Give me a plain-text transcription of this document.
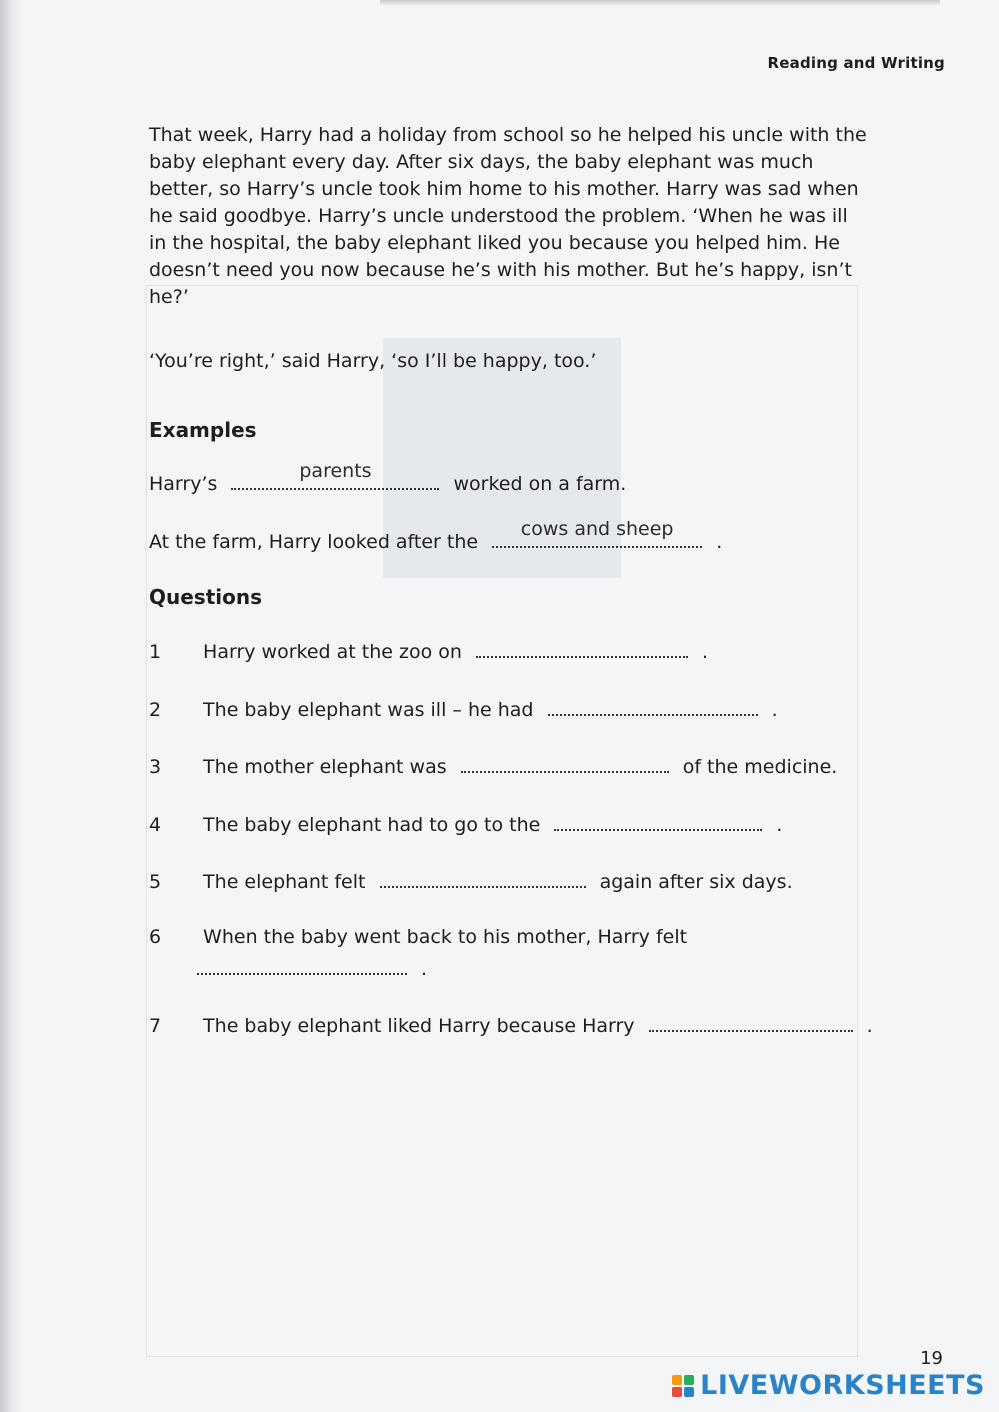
Reading and Writing

That week, Harry had a holiday from school so he helped his uncle with the baby elephant every day. After six days, the baby elephant was much better, so Harry’s uncle took him home to his mother. Harry was sad when he said goodbye. Harry’s uncle understood the problem. ‘When he was ill in the hospital, the baby elephant liked you because you helped him. He doesn’t need you now because he’s with his mother. But he’s happy, isn’t he?’

‘You’re right,’ said Harry, ‘so I’ll be happy, too.’

Examples
Harry’s
parents
worked on a farm.
At the farm, Harry looked after the
cows and sheep
.
Questions
1 Harry worked at the zoo on	.
2 The baby elephant was ill – he had	.
3 The mother elephant was	of the medicine.
4 The baby elephant had to go to the	.
5 The elephant felt	again after six days.
6 When the baby went back to his mother, Harry felt
.
7 The baby elephant liked Harry because Harry	.
19
LIVEWORKSHEETS
